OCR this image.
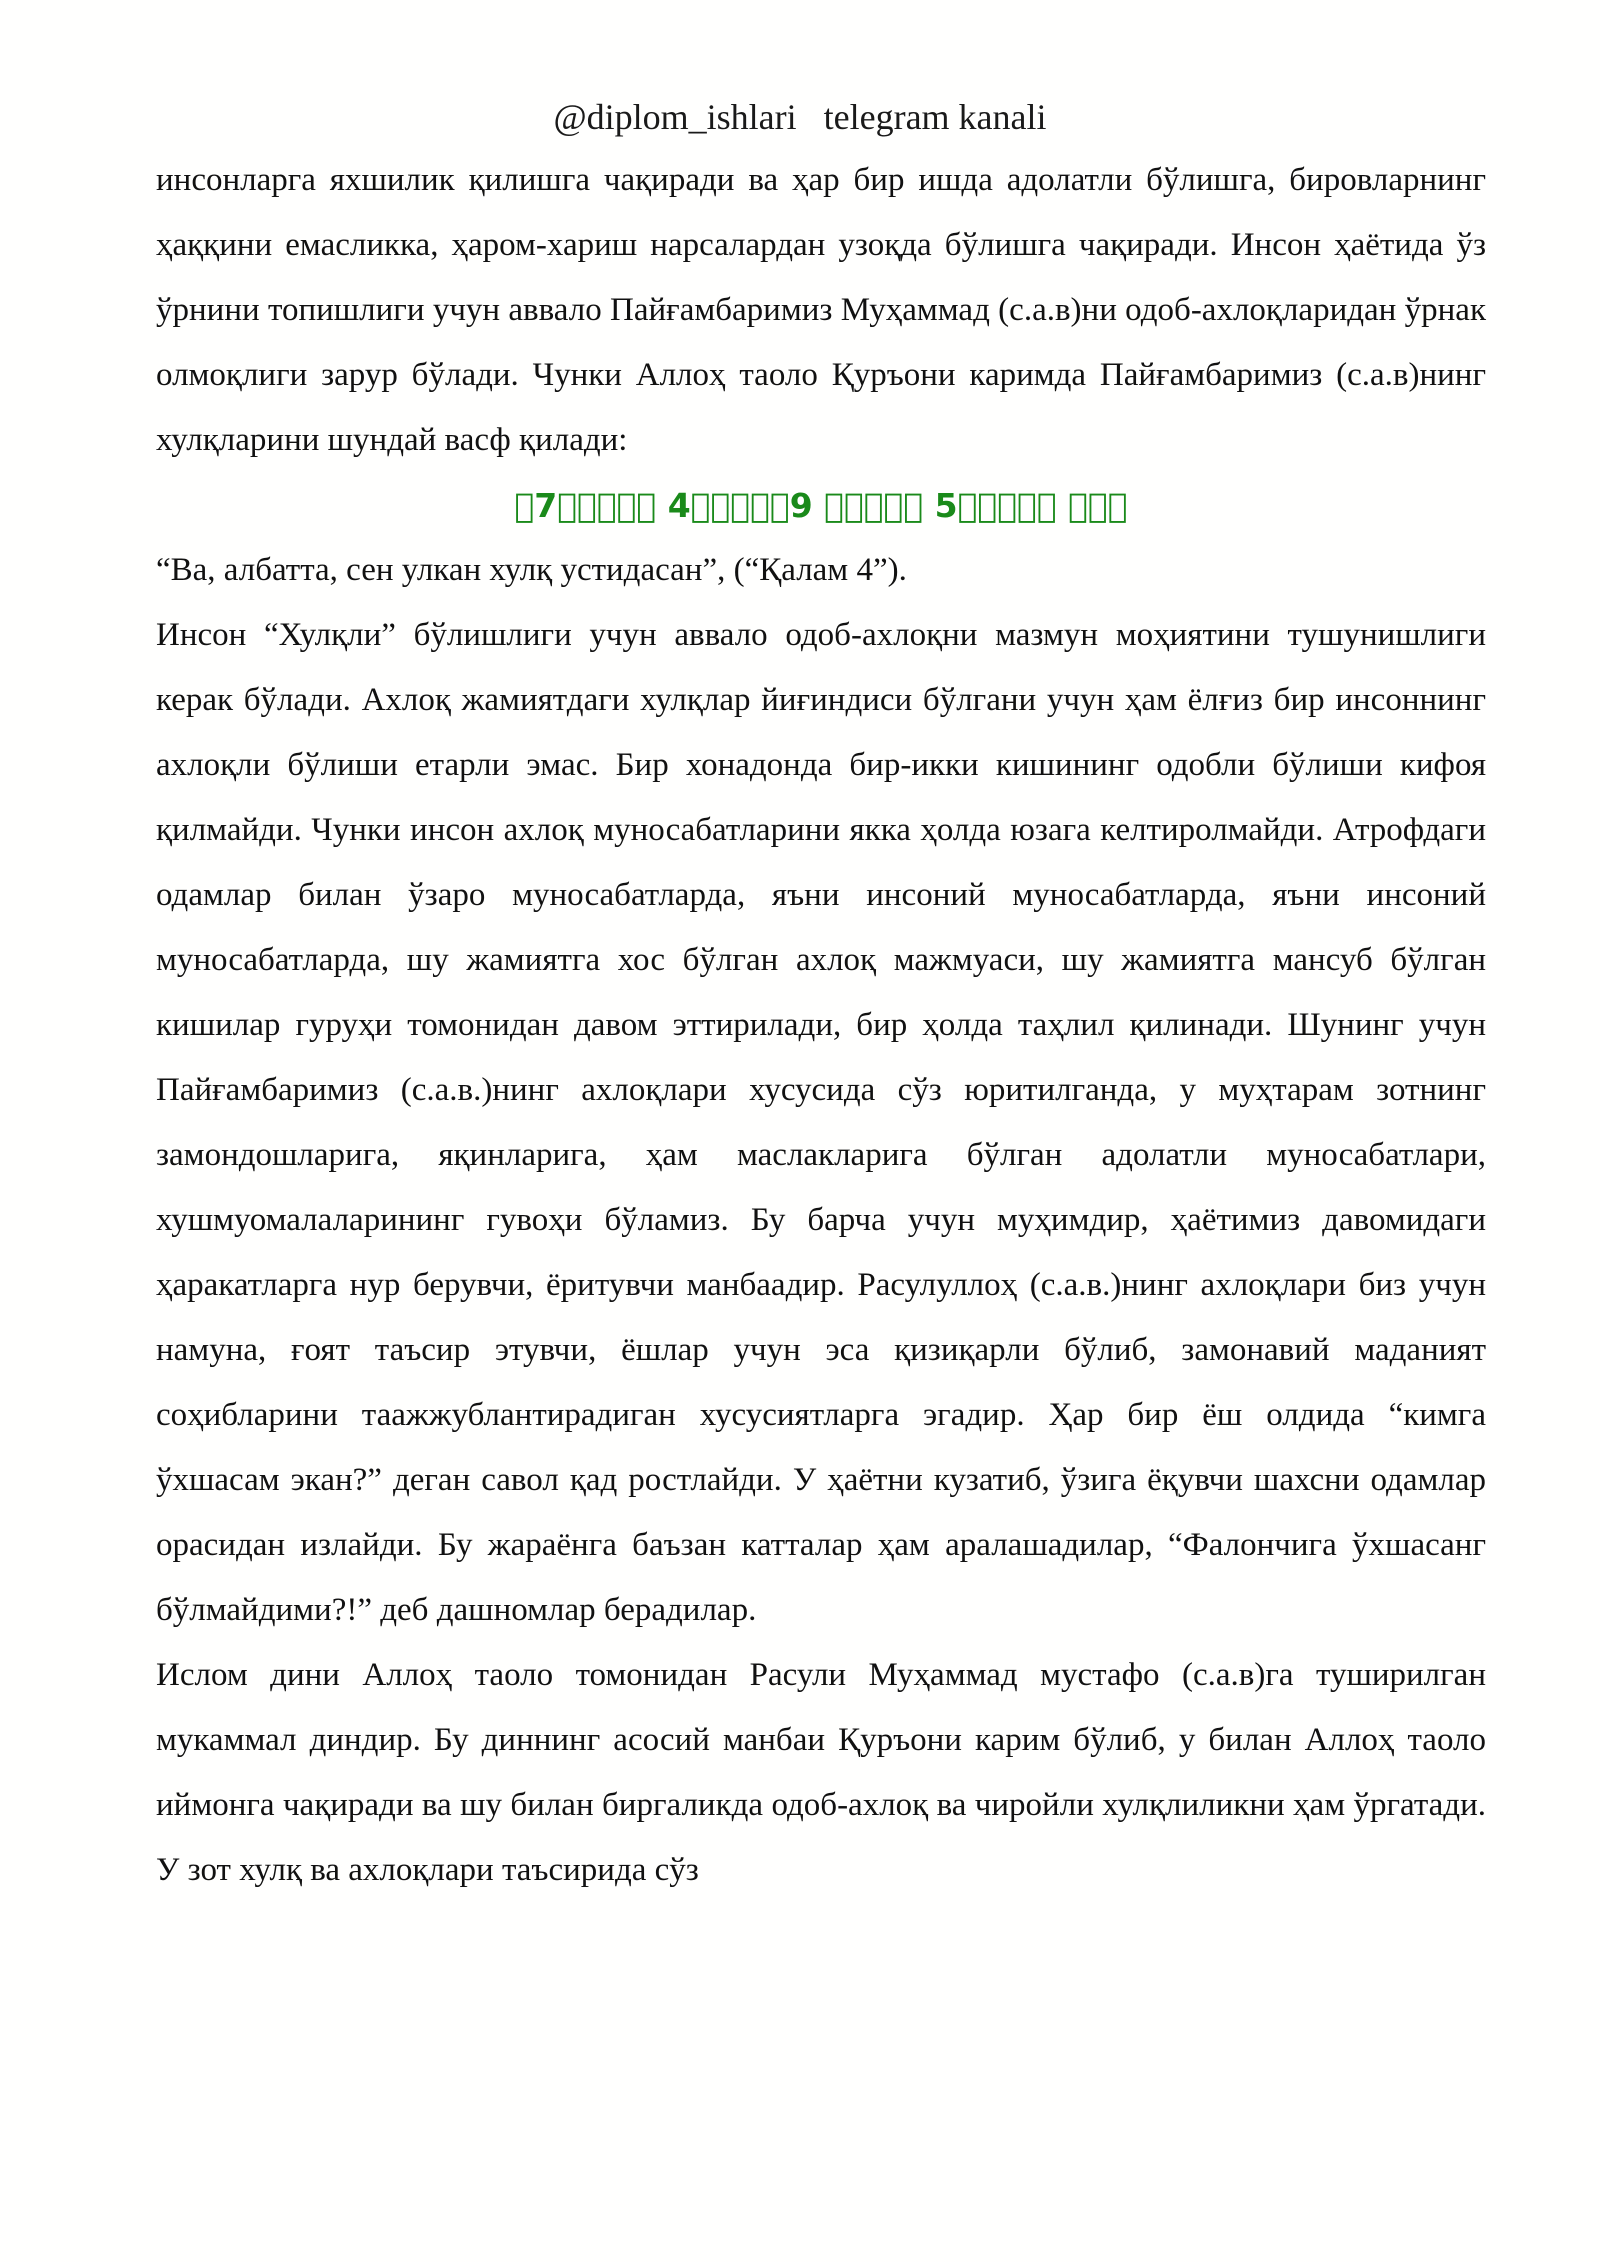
@diplom_ishlari telegram kanali

инсонларга яхшилик қилишга чақиради ва ҳар бир ишда адолатли бўлишга, бировларнинг ҳаққини емасликка, ҳаром-хариш нарсалардан узоқда бўлишга чақиради. Инсон ҳаётида ўз ўрнини топишлиги учун аввало Пайғамбаримиз Муҳаммад (с.а.в)ни одоб-ахлоқларидан ўрнак олмоқлиги зарур бўлади. Чунки Аллоҳ таоло Қуръони каримда Пайғамбаримиз (с.а.в)нинг хулқларини шундай васф қилади:

􀀷7􀀀􀀀􀀀􀀀􀀀 4􀀀􀀀􀀀􀀀􀀀9 􀀀􀀀􀀀􀀀􀀀 5􀀀􀀀􀀀􀀀􀀀 􀀀􀀀􀀀

“Ва, албатта, сен улкан хулқ устидасан”, (“Қалам 4”).

Инсон “Хулқли” бўлишлиги учун аввало одоб-ахлоқни мазмун моҳиятини тушунишлиги керак бўлади. Ахлоқ жамиятдаги хулқлар йиғиндиси бўлгани учун ҳам ёлғиз бир инсоннинг ахлоқли бўлиши етарли эмас. Бир хонадонда бир-икки кишининг одобли бўлиши кифоя қилмайди. Чунки инсон ахлоқ муносабатларини якка ҳолда юзага келтиролмайди. Атрофдаги одамлар билан ўзаро муносабатларда, яъни инсоний муносабатларда, яъни инсоний муносабатларда, шу жамиятга хос бўлган ахлоқ мажмуаси, шу жамиятга мансуб бўлган кишилар гуруҳи томонидан давом эттирилади, бир ҳолда таҳлил қилинади. Шунинг учун Пайғамбаримиз (с.а.в.)нинг ахлоқлари хусусида сўз юритилганда, у муҳтарам зотнинг замондошларига, яқинларига, ҳам маслакларига бўлган адолатли муносабатлари, хушмуомалаларининг гувоҳи бўламиз. Бу барча учун муҳимдир, ҳаётимиз давомидаги ҳаракатларга нур берувчи, ёритувчи манбаадир. Расулуллоҳ (с.а.в.)нинг ахлоқлари биз учун намуна, ғоят таъсир этувчи, ёшлар учун эса қизиқарли бўлиб, замонавий маданият соҳибларини таажжублантирадиган хусусиятларга эгадир. Ҳар бир ёш олдида “кимга ўхшасам экан?” деган савол қад ростлайди. У ҳаётни кузатиб, ўзига ёқувчи шахсни одамлар орасидан излайди. Бу жараёнга баъзан катталар ҳам аралашадилар, “Фалончига ўхшасанг бўлмайдими?!” деб дашномлар берадилар.

Ислом дини Аллоҳ таоло томонидан Расули Муҳаммад мустафо (с.а.в)га туширилган мукаммал диндир. Бу диннинг асосий манбаи Қуръони карим бўлиб, у билан Аллоҳ таоло иймонга чақиради ва шу билан биргаликда одоб-ахлоқ ва чиройли хулқлиликни ҳам ўргатади. У зот хулқ ва ахлоқлари таъсирида сўз
